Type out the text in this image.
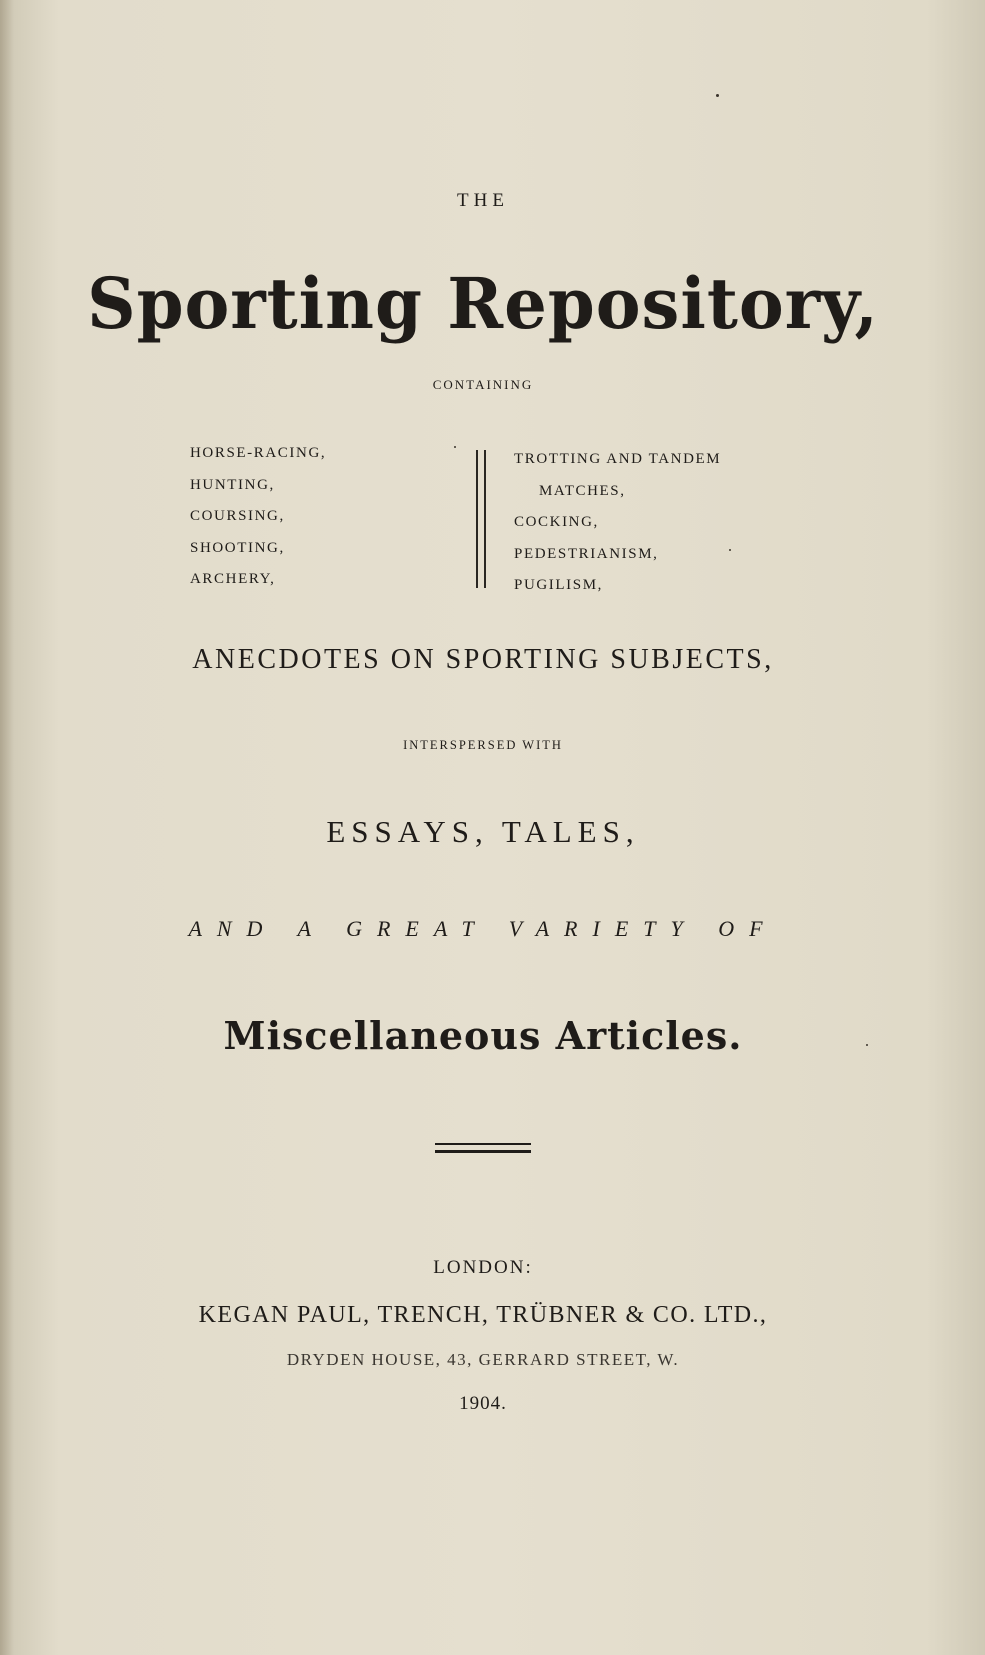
THE
Sporting Repository,
CONTAINING
HORSE-RACING,
HUNTING,
COURSING,
SHOOTING,
ARCHERY,
TROTTING AND TANDEM
MATCHES,
COCKING,
PEDESTRIANISM,
PUGILISM,
ANECDOTES ON SPORTING SUBJECTS,
INTERSPERSED WITH
ESSAYS, TALES,
AND A GREAT VARIETY OF
Miscellaneous Articles.
LONDON:
KEGAN PAUL, TRENCH, TRÜBNER & CO. LTD.,
DRYDEN HOUSE, 43, GERRARD STREET, W.
1904.
